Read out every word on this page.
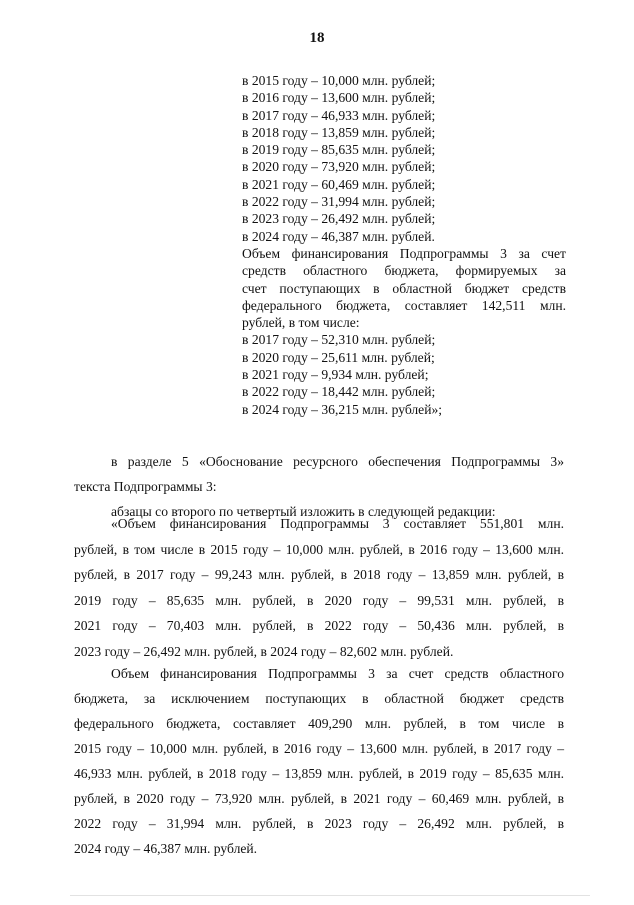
18
в 2015 году – 10,000 млн. рублей;
в 2016 году – 13,600 млн. рублей;
в 2017 году – 46,933 млн. рублей;
в 2018 году – 13,859 млн. рублей;
в 2019 году – 85,635 млн. рублей;
в 2020 году – 73,920 млн. рублей;
в 2021 году – 60,469 млн. рублей;
в 2022 году – 31,994 млн. рублей;
в 2023 году – 26,492 млн. рублей;
в 2024 году – 46,387 млн. рублей.
Объем финансирования Подпрограммы 3 за счет
средств областного бюджета, формируемых за
счет поступающих в областной бюджет средств
федерального бюджета, составляет 142,511 млн.
рублей, в том числе:
в 2017 году – 52,310 млн. рублей;
в 2020 году – 25,611 млн. рублей;
в 2021 году – 9,934 млн. рублей;
в 2022 году – 18,442 млн. рублей;
в 2024 году – 36,215 млн. рублей»;
в разделе 5 «Обоснование ресурсного обеспечения Подпрограммы 3»
текста Подпрограммы 3:
абзацы со второго по четвертый изложить в следующей редакции:
«Объем финансирования Подпрограммы 3 составляет 551,801 млн.
рублей, в том числе в 2015 году – 10,000 млн. рублей, в 2016 году – 13,600 млн.
рублей, в 2017 году – 99,243 млн. рублей, в 2018 году – 13,859 млн. рублей, в
2019 году – 85,635 млн. рублей, в 2020 году – 99,531 млн. рублей, в
2021 году – 70,403 млн. рублей, в 2022 году – 50,436 млн. рублей, в
2023 году – 26,492 млн. рублей, в 2024 году – 82,602 млн. рублей.
Объем финансирования Подпрограммы 3 за счет средств областного
бюджета, за исключением поступающих в областной бюджет средств
федерального бюджета, составляет 409,290 млн. рублей, в том числе в
2015 году – 10,000 млн. рублей, в 2016 году – 13,600 млн. рублей, в 2017 году –
46,933 млн. рублей, в 2018 году – 13,859 млн. рублей, в 2019 году – 85,635 млн.
рублей, в 2020 году – 73,920 млн. рублей, в 2021 году – 60,469 млн. рублей, в
2022 году – 31,994 млн. рублей, в 2023 году – 26,492 млн. рублей, в
2024 году – 46,387 млн. рублей.
